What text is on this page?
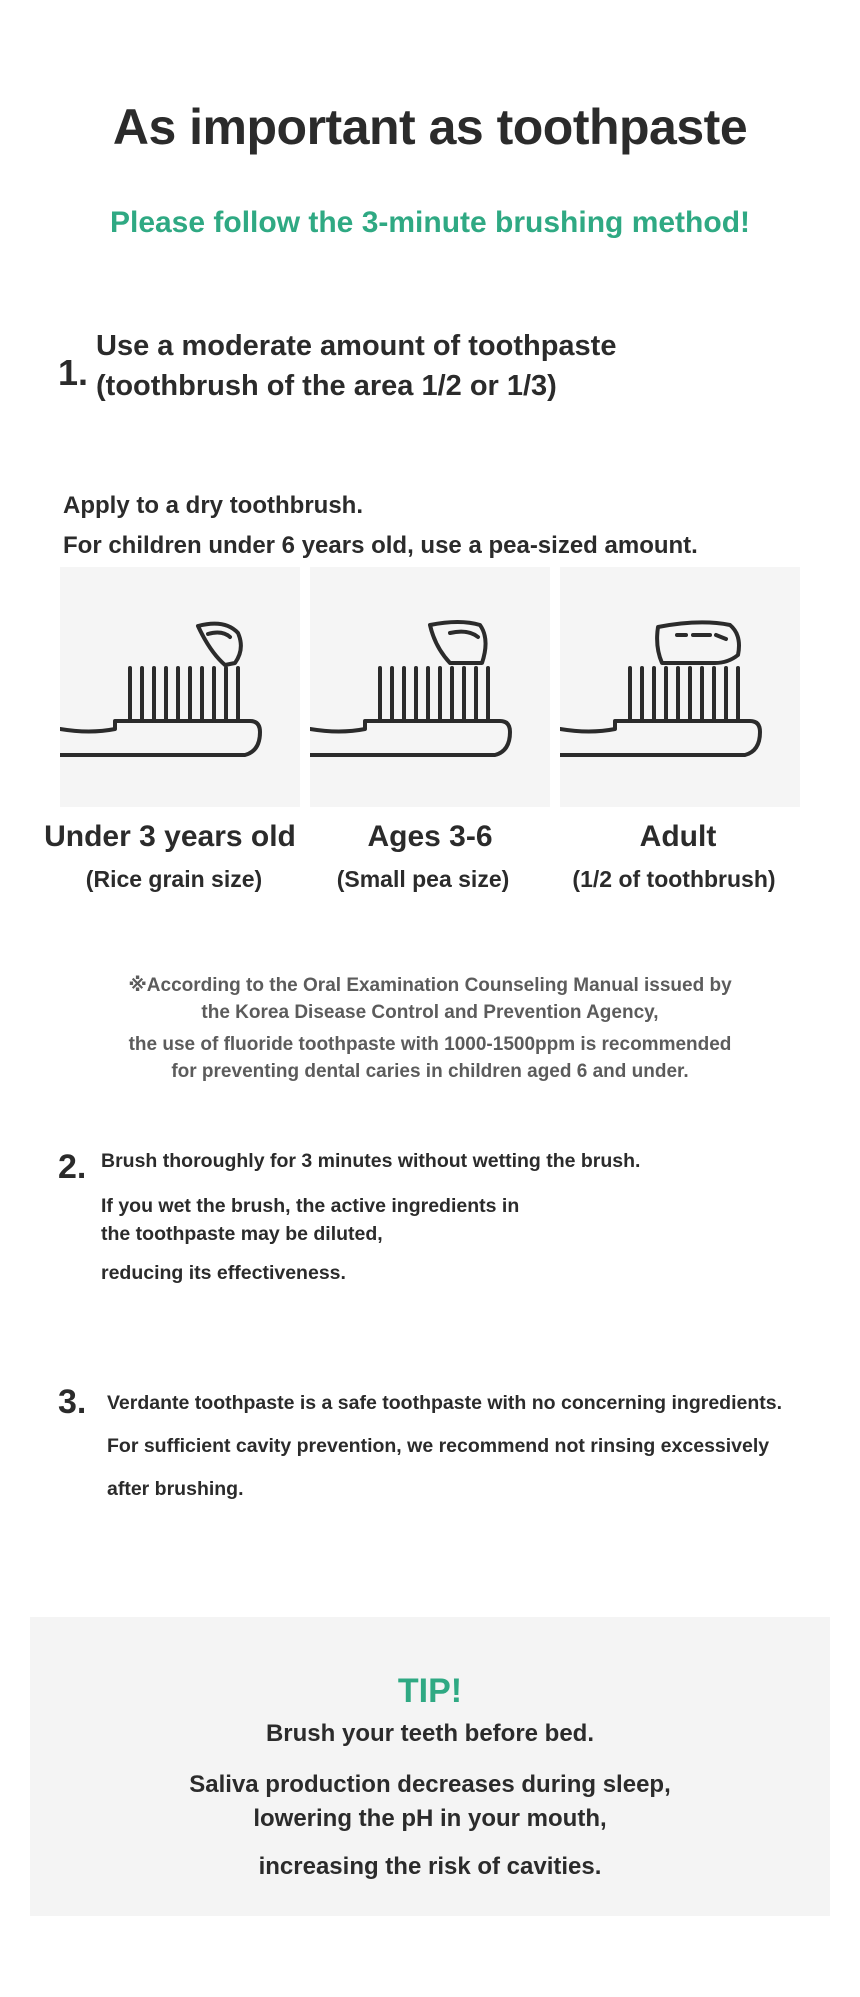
As important as toothpaste
Please follow the 3-minute brushing method!
1.
Use a moderate amount of toothpaste
(toothbrush of the area 1/2 or 1/3)
Apply to a dry toothbrush.
For children under 6 years old, use a pea-sized amount.
Under 3 years old
(Rice grain size)
Ages 3-6
(Small pea size)
Adult
(1/2 of toothbrush)
※According to the Oral Examination Counseling Manual issued by
the Korea Disease Control and Prevention Agency,
the use of fluoride toothpaste with 1000-1500ppm is recommended
for preventing dental caries in children aged 6 and under.
2. Brush thoroughly for 3 minutes without wetting the brush.
If you wet the brush, the active ingredients in
the toothpaste may be diluted,
reducing its effectiveness.
3. Verdante toothpaste is a safe toothpaste with no concerning ingredients.
For sufficient cavity prevention, we recommend not rinsing excessively
after brushing.
TIP!
Brush your teeth before bed.
Saliva production decreases during sleep,
lowering the pH in your mouth,
increasing the risk of cavities.
